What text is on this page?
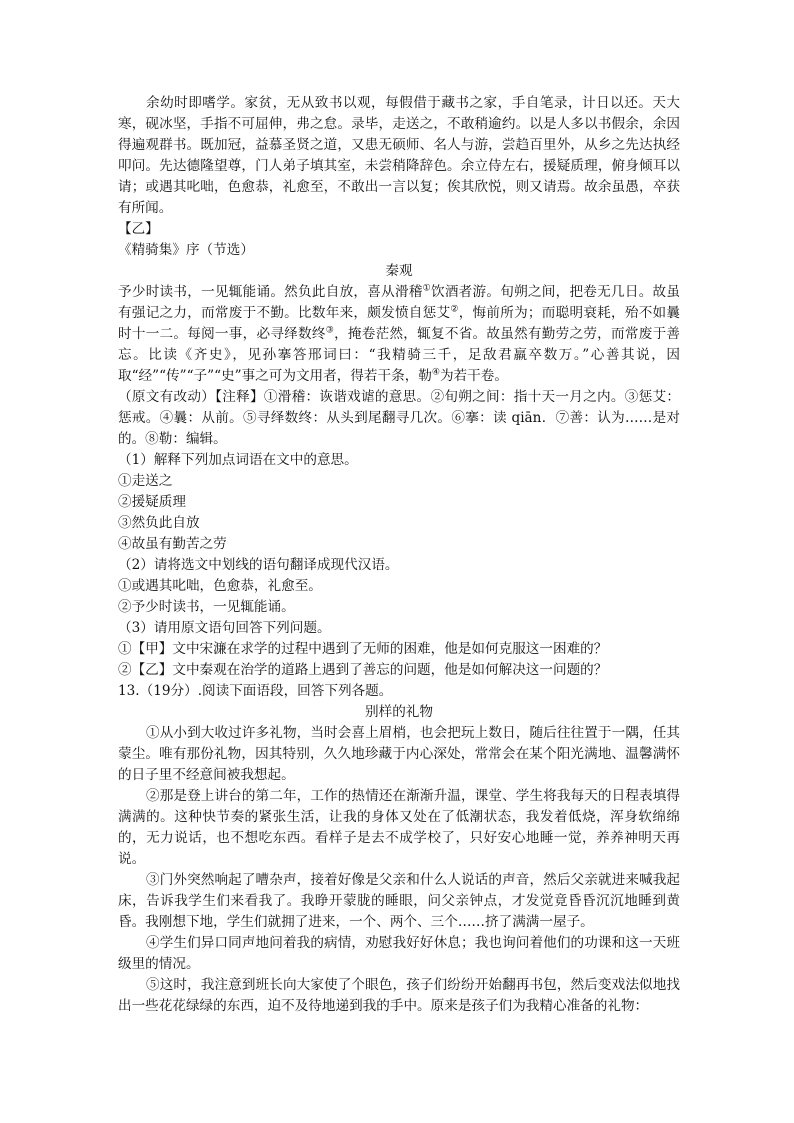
余幼时即嗜学。家贫，无从致书以观，每假借于藏书之家，手自笔录，计日以还。天大寒，砚冰坚，手指不可屈伸，弗之怠。录毕，走送之，不敢稍逾约。以是人多以书假余，余因得遍观群书。既加冠，益慕圣贤之道，又患无硕师、名人与游，尝趋百里外，从乡之先达执经叩问。先达德隆望尊，门人弟子填其室，未尝稍降辞色。余立侍左右，援疑质理，俯身倾耳以请；或遇其叱咄，色愈恭，礼愈至，不敢出一言以复；俟其欣悦，则又请焉。故余虽愚，卒获有所闻。

【乙】

《精骑集》序（节选）

秦观

予少时读书，一见辄能诵。然负此自放，喜从滑稽①饮酒者游。旬朔之间，把卷无几日。故虽有强记之力，而常废于不勤。比数年来，颇发愤自惩艾②，悔前所为；而聪明衰耗，殆不如曩时十一二。每阅一事，必寻绎数终③，掩卷茫然，辄复不省。故虽然有勤劳之劳，而常废于善忘。比读《齐史》，见孙搴答邢词曰：“我精骑三千，足敌君羸卒数万。”心善其说，因取“经”“传”“子”“史”事之可为文用者，得若干条，勒④为若干卷。

（原文有改动）【注释】①滑稽：诙谐戏谑的意思。②旬朔之间：指十天一月之内。③惩艾：惩戒。④曩：从前。⑤寻绎数终：从头到尾翻寻几次。⑥搴：读 qiān．⑦善：认为……是对的。⑧勒：编辑。

（1）解释下列加点词语在文中的意思。

①走送之

②援疑质理

③然负此自放

④故虽有勤苦之劳

（2）请将选文中划线的语句翻译成现代汉语。

①或遇其叱咄，色愈恭，礼愈至。

②予少时读书，一见辄能诵。

（3）请用原文语句回答下列问题。

①【甲】文中宋濂在求学的过程中遇到了无师的困难，他是如何克服这一困难的？

②【乙】文中秦观在治学的道路上遇到了善忘的问题，他是如何解决这一问题的？

13.（19分）.阅读下面语段，回答下列各题。

别样的礼物

①从小到大收过许多礼物，当时会喜上眉梢，也会把玩上数日，随后往往置于一隅，任其蒙尘。唯有那份礼物，因其特别，久久地珍藏于内心深处，常常会在某个阳光满地、温馨满怀的日子里不经意间被我想起。

②那是登上讲台的第二年，工作的热情还在渐渐升温，课堂、学生将我每天的日程表填得满满的。这种快节奏的紧张生活，让我的身体又处在了低潮状态，我发着低烧，浑身软绵绵的，无力说话，也不想吃东西。看样子是去不成学校了，只好安心地睡一觉，养养神明天再说。

③门外突然响起了嘈杂声，接着好像是父亲和什么人说话的声音，然后父亲就进来喊我起床，告诉我学生们来看我了。我睁开蒙胧的睡眼，问父亲钟点，才发觉竟昏昏沉沉地睡到黄昏。我刚想下地，学生们就拥了进来，一个、两个、三个……挤了满满一屋子。

④学生们异口同声地问着我的病情，劝慰我好好休息；我也询问着他们的功课和这一天班级里的情况。

⑤这时，我注意到班长向大家使了个眼色，孩子们纷纷开始翻再书包，然后变戏法似地找出一些花花绿绿的东西，迫不及待地递到我的手中。原来是孩子们为我精心准备的礼物：
